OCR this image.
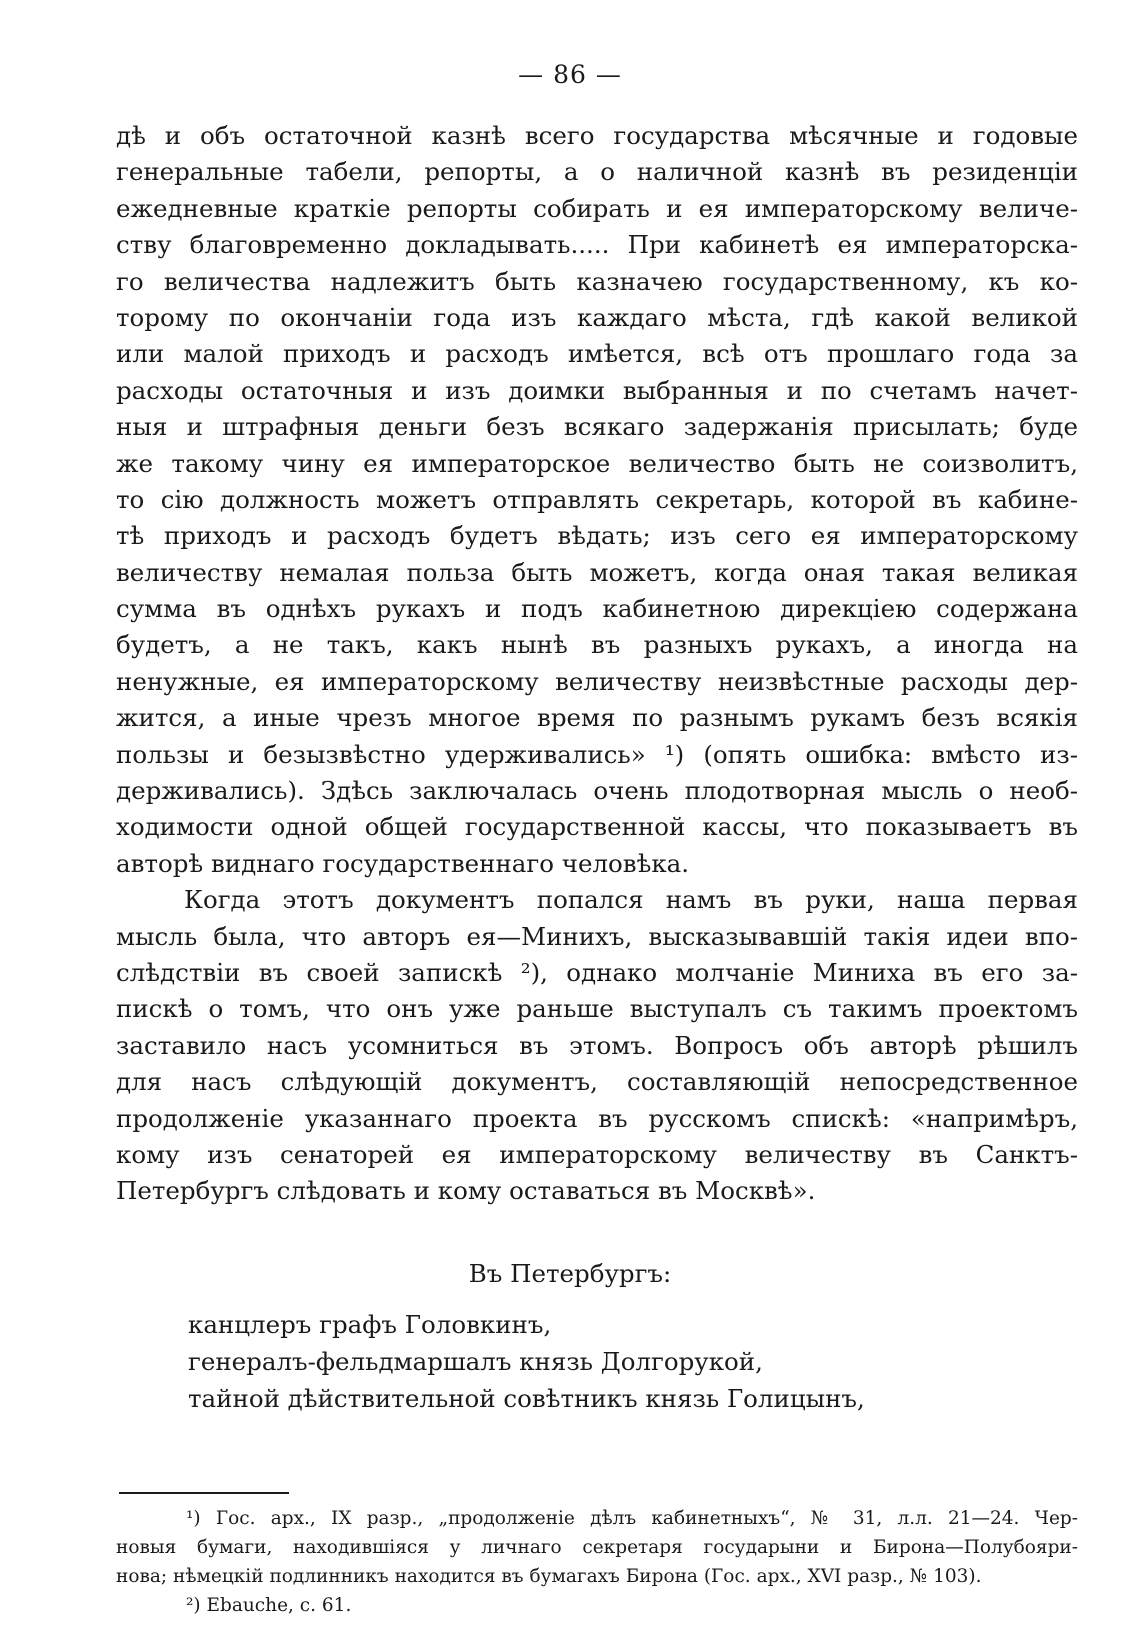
— 86 —
дѣ и объ остаточной казнѣ всего государства мѣсячные и годовые
генеральные табели, репорты, а о наличной казнѣ въ резиденціи
ежедневные краткіе репорты собирать и ея императорскому величе-
ству благовременно докладывать..... При кабинетѣ ея императорска-
го величества надлежитъ быть казначею государственному, къ ко-
торому по окончаніи года изъ каждаго мѣста, гдѣ какой великой
или малой приходъ и расходъ имѣется, всѣ отъ прошлаго года за
расходы остаточныя и изъ доимки выбранныя и по счетамъ начет-
ныя и штрафныя деньги безъ всякаго задержанія присылать; буде
же такому чину ея императорское величество быть не соизволитъ,
то сію должность можетъ отправлять секретарь, которой въ кабине-
тѣ приходъ и расходъ будетъ вѣдать; изъ сего ея императорскому
величеству немалая польза быть можетъ, когда оная такая великая
сумма въ однѣхъ рукахъ и подъ кабинетною дирекціею содержана
будетъ, а не такъ, какъ нынѣ въ разныхъ рукахъ, а иногда на
ненужные, ея императорскому величеству неизвѣстные расходы дер-
жится, а иные чрезъ многое время по разнымъ рукамъ безъ всякія
пользы и безызвѣстно удерживались» ¹) (опять ошибка: вмѣсто из-
держивались). Здѣсь заключалась очень плодотворная мысль о необ-
ходимости одной общей государственной кассы, что показываетъ въ
авторѣ виднаго государственнаго человѣка.
Когда этотъ документъ попался намъ въ руки, наша первая
мысль была, что авторъ ея—Минихъ, высказывавшій такія идеи впо-
слѣдствіи въ своей запискѣ ²), однако молчаніе Миниха въ его за-
пискѣ о томъ, что онъ уже раньше выступалъ съ такимъ проектомъ
заставило насъ усомниться въ этомъ. Вопросъ объ авторѣ рѣшилъ
для насъ слѣдующій документъ, составляющій непосредственное
продолженіе указаннаго проекта въ русскомъ спискѣ: «напримѣръ,
кому изъ сенаторей ея императорскому величеству въ Санктъ-
Петербургъ слѣдовать и кому оставаться въ Москвѣ».
Въ Петербургъ:
канцлеръ графъ Головкинъ,
генералъ-фельдмаршалъ князь Долгорукой,
тайной дѣйствительной совѣтникъ князь Голицынъ,
¹) Гос. арх., IX разр., „продолженіе дѣлъ кабинетныхъ“, № 31, л.л. 21—24. Чер-
новыя бумаги, находившіяся у личнаго секретаря государыни и Бирона—Полубояри-
нова; нѣмецкій подлинникъ находится въ бумагахъ Бирона (Гос. арх., XVI разр., № 103).
²) Ebauche, с. 61.
